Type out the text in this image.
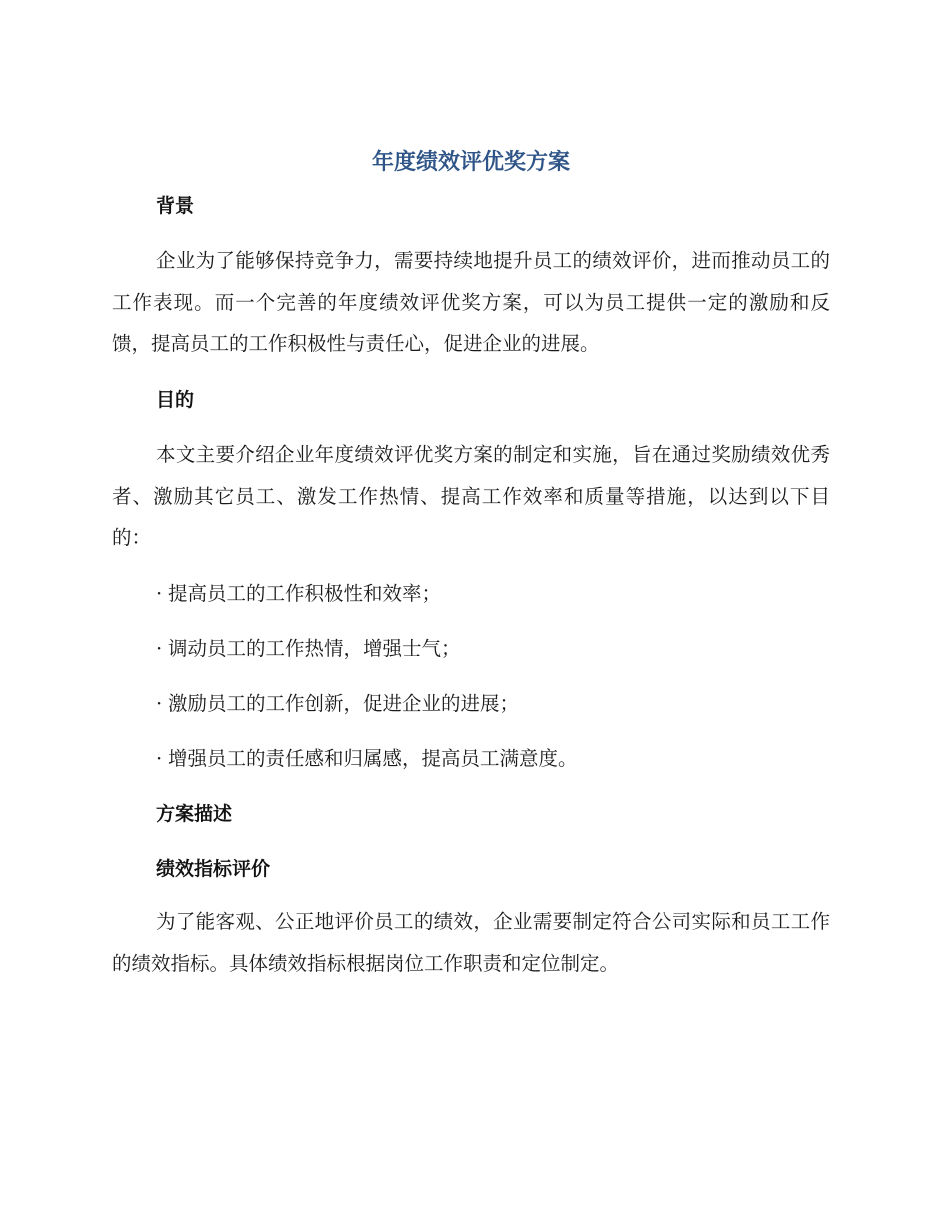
年度绩效评优奖方案
背景

企业为了能够保持竞争力，需要持续地提升员工的绩效评价，进而推动员工的工作表现。而一个完善的年度绩效评优奖方案，可以为员工提供一定的激励和反馈，提高员工的工作积极性与责任心，促进企业的进展。

目的

本文主要介绍企业年度绩效评优奖方案的制定和实施，旨在通过奖励绩效优秀者、激励其它员工、激发工作热情、提高工作效率和质量等措施，以达到以下目的：

· 提高员工的工作积极性和效率；
· 调动员工的工作热情，增强士气；
· 激励员工的工作创新，促进企业的进展；
· 增强员工的责任感和归属感，提高员工满意度。
方案描述
绩效指标评价

为了能客观、公正地评价员工的绩效，企业需要制定符合公司实际和员工工作的绩效指标。具体绩效指标根据岗位工作职责和定位制定。
